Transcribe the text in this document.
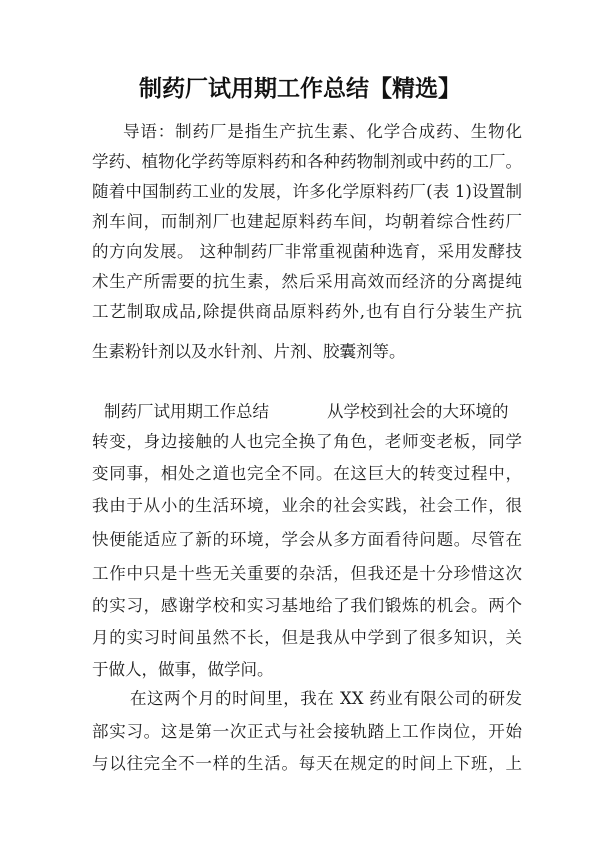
制药厂试用期工作总结【精选】
导语：制药厂是指生产抗生素、化学合成药、生物化
学药、植物化学药等原料药和各种药物制剂或中药的工厂。
随着中国制药工业的发展，许多化学原料药厂(表 1)设置制
剂车间，而制剂厂也建起原料药车间，均朝着综合性药厂
的方向发展。 这种制药厂非常重视菌种选育，采用发酵技
术生产所需要的抗生素，然后采用高效而经济的分离提纯
工艺制取成品,除提供商品原料药外,也有自行分装生产抗
生素粉针剂以及水针剂、片剂、胶囊剂等。
制药厂试用期工作总结	从学校到社会的大环境的
转变，身边接触的人也完全换了角色，老师变老板，同学
变同事，相处之道也完全不同。在这巨大的转变过程中，
我由于从小的生活环境，业余的社会实践，社会工作，很
快便能适应了新的环境，学会从多方面看待问题。尽管在
工作中只是十些无关重要的杂活，但我还是十分珍惜这次
的实习，感谢学校和实习基地给了我们锻炼的机会。两个
月的实习时间虽然不长，但是我从中学到了很多知识，关
于做人，做事，做学问。
在这两个月的时间里，我在 XX 药业有限公司的研发
部实习。这是第一次正式与社会接轨踏上工作岗位，开始
与以往完全不一样的生活。每天在规定的时间上下班，上
